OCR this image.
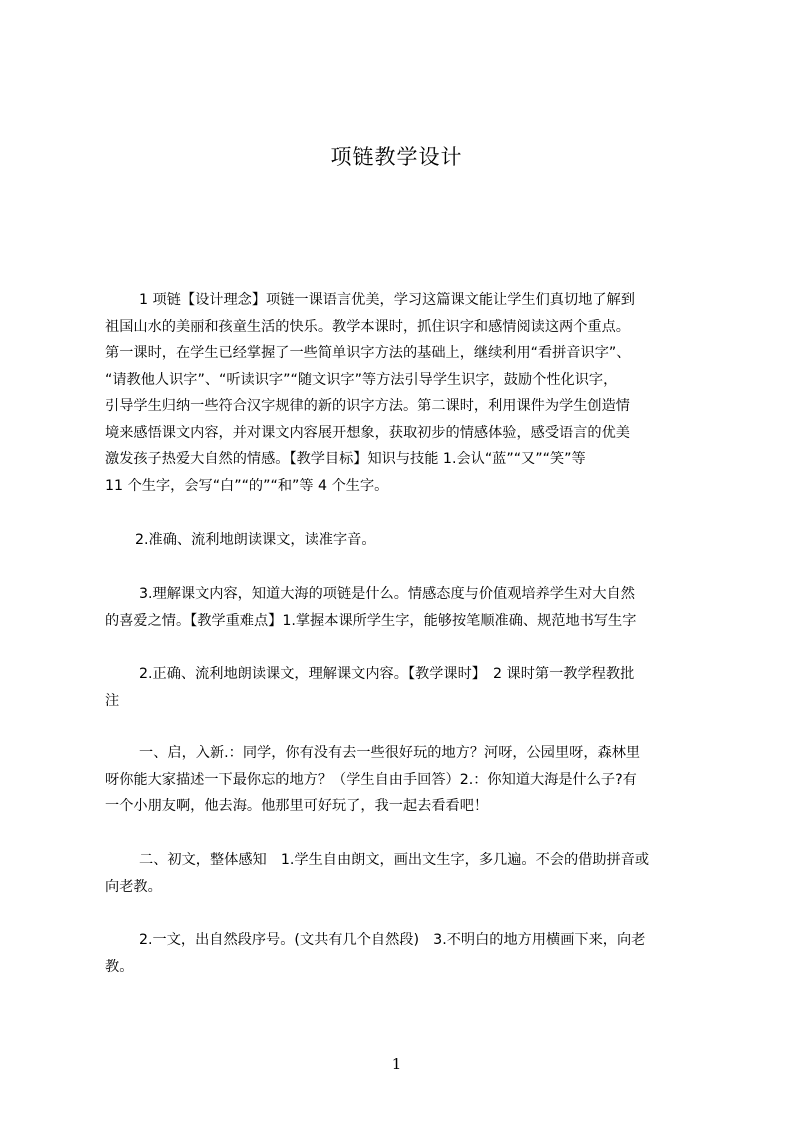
项链教学设计
1 项链【设计理念】项链一课语言优美，学习这篇课文能让学生们真切地了解到
祖国山水的美丽和孩童生活的快乐。教学本课时，抓住识字和感情阅读这两个重点。
第一课时，在学生已经掌握了一些简单识字方法的基础上，继续利用“看拼音识字”、
“请教他人识字”、“听读识字”“随文识字”等方法引导学生识字，鼓励个性化识字，
引导学生归纳一些符合汉字规律的新的识字方法。第二课时，利用课件为学生创造情
境来感悟课文内容，并对课文内容展开想象，获取初步的情感体验，感受语言的优美
激发孩子热爱大自然的情感。【教学目标】知识与技能 1.会认“蓝”“又”“笑”等
11 个生字，会写“白”“的”“和”等 4 个生字。
2.准确、流利地朗读课文，读准字音。
3.理解课文内容，知道大海的项链是什么。情感态度与价值观培养学生对大自然
的喜爱之情。【教学重难点】1.掌握本课所学生字，能够按笔顺准确、规范地书写生字
2.正确、流利地朗读课文，理解课文内容。【教学课时】　2 课时第一教学程教批
注
一、启，入新.：同学，你有没有去一些很好玩的地方？河呀，公园里呀，森林里
呀你能大家描述一下最你忘的地方？（学生自由手回答）2.：你知道大海是什么子?有
一个小朋友啊，他去海。他那里可好玩了，我一起去看看吧！
二、初文，整体感知　1.学生自由朗文，画出文生字，多几遍。不会的借助拼音或
向老教。
2.一文，出自然段序号。(文共有几个自然段)　3.不明白的地方用横画下来，向老
教。
1
